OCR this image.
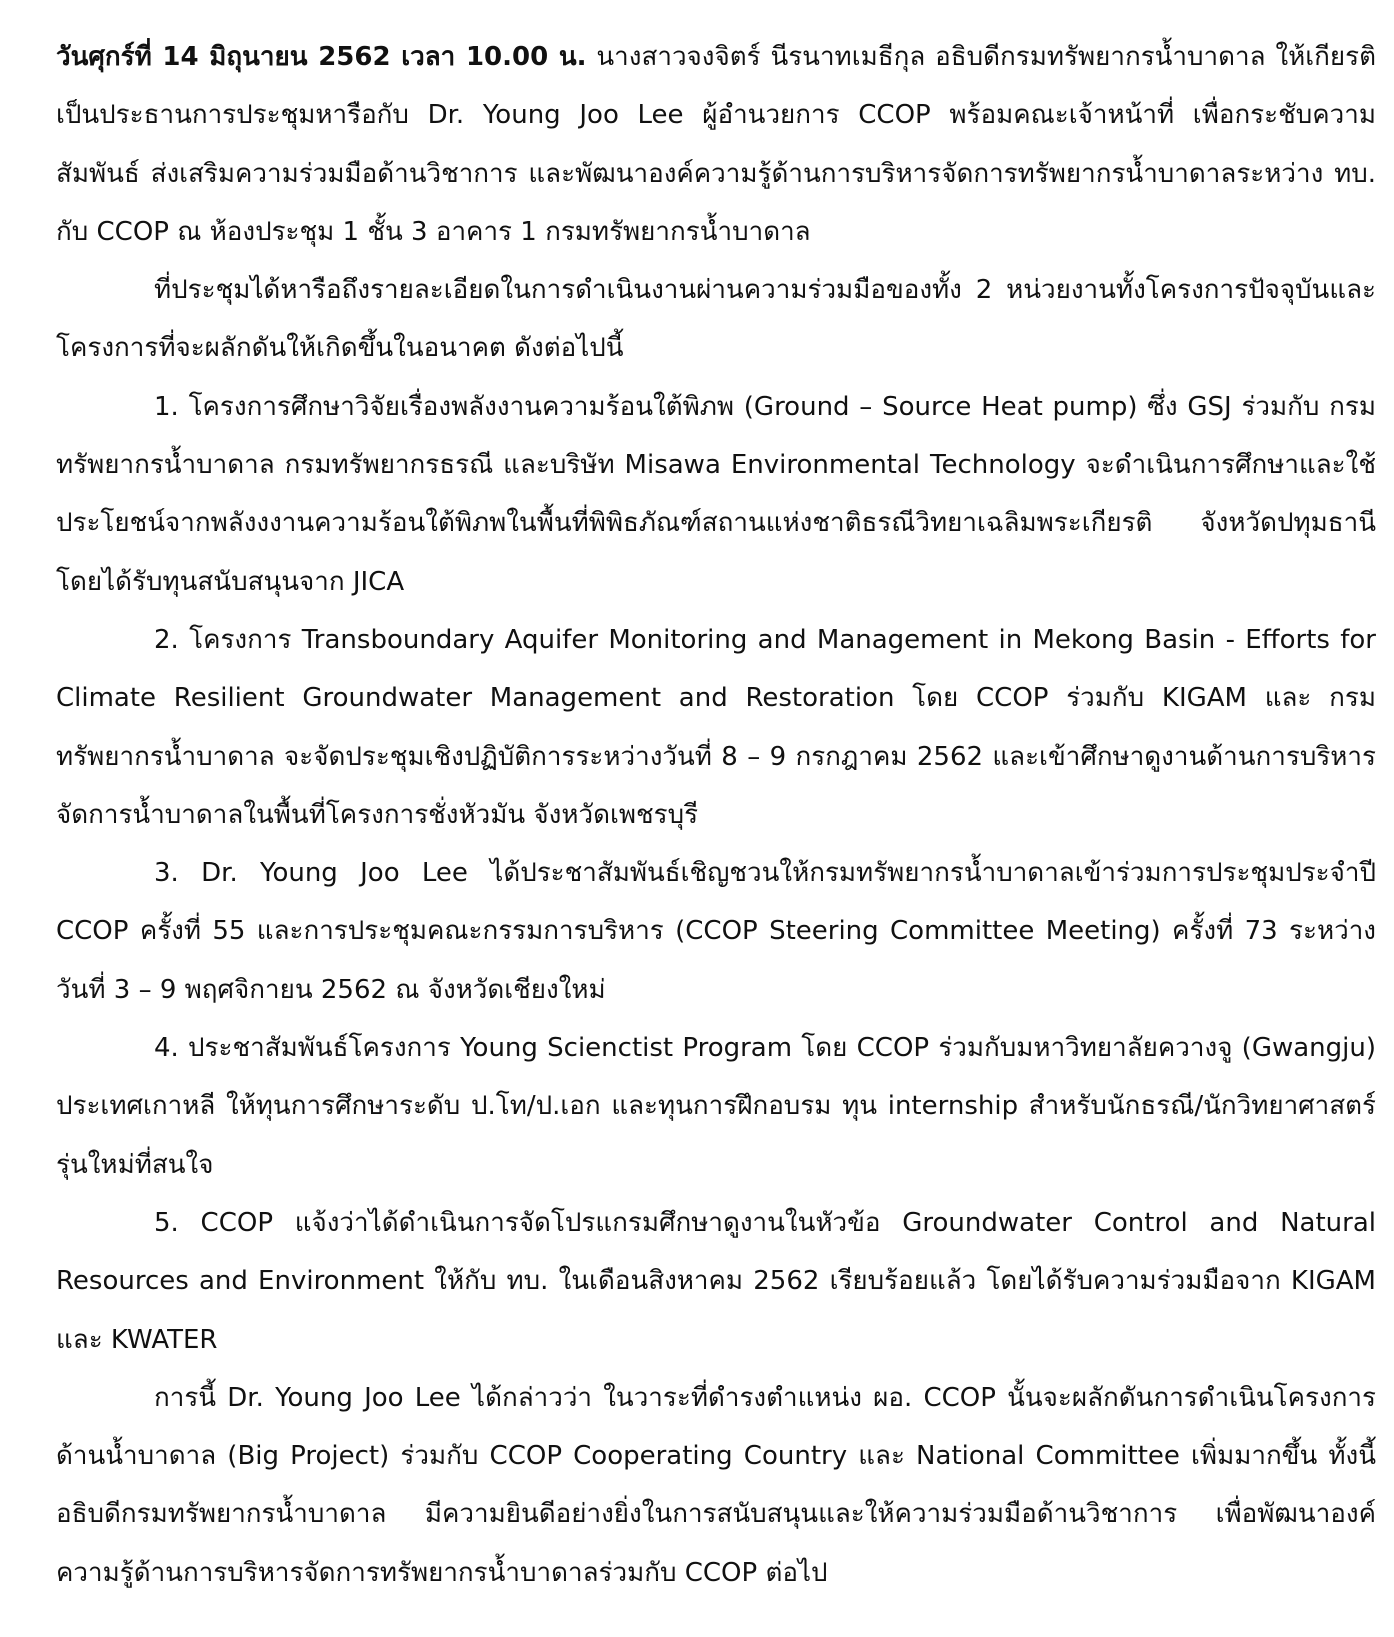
วันศุกร์ที่ 14 มิถุนายน 2562 เวลา 10.00 น. นางสาวจงจิตร์ นีรนาทเมธีกุล อธิบดีกรมทรัพยากรน้ำบาดาล ให้เกียรติเป็นประธานการประชุมหารือกับ Dr. Young Joo Lee ผู้อำนวยการ CCOP พร้อมคณะเจ้าหน้าที่ เพื่อกระชับความสัมพันธ์ ส่งเสริมความร่วมมือด้านวิชาการ และพัฒนาองค์ความรู้ด้านการบริหารจัดการทรัพยากรน้ำบาดาลระหว่าง ทบ. กับ CCOP ณ ห้องประชุม 1 ชั้น 3 อาคาร 1 กรมทรัพยากรน้ำบาดาล

ที่ประชุมได้หารือถึงรายละเอียดในการดำเนินงานผ่านความร่วมมือของทั้ง 2 หน่วยงานทั้งโครงการปัจจุบันและโครงการที่จะผลักดันให้เกิดขึ้นในอนาคต ดังต่อไปนี้

1. โครงการศึกษาวิจัยเรื่องพลังงานความร้อนใต้พิภพ (Ground – Source Heat pump) ซึ่ง GSJ ร่วมกับ กรมทรัพยากรน้ำบาดาล กรมทรัพยากรธรณี และบริษัท Misawa Environmental Technology จะดำเนินการศึกษาและใช้ประโยชน์จากพลังงงานความร้อนใต้พิภพในพื้นที่พิพิธภัณฑ์สถานแห่งชาติธรณีวิทยาเฉลิมพระเกียรติ จังหวัดปทุมธานี โดยได้รับทุนสนับสนุนจาก JICA

2. โครงการ Transboundary Aquifer Monitoring and Management in Mekong Basin - Efforts for Climate Resilient Groundwater Management and Restoration โดย CCOP ร่วมกับ KIGAM และ กรมทรัพยากรน้ำบาดาล จะจัดประชุมเชิงปฏิบัติการระหว่างวันที่ 8 – 9 กรกฎาคม 2562 และเข้าศึกษาดูงานด้านการบริหารจัดการน้ำบาดาลในพื้นที่โครงการชั่งหัวมัน จังหวัดเพชรบุรี

3. Dr. Young Joo Lee ได้ประชาสัมพันธ์เชิญชวนให้กรมทรัพยากรน้ำบาดาลเข้าร่วมการประชุมประจำปี CCOP ครั้งที่ 55 และการประชุมคณะกรรมการบริหาร (CCOP Steering Committee Meeting) ครั้งที่ 73 ระหว่างวันที่ 3 – 9 พฤศจิกายน 2562 ณ จังหวัดเชียงใหม่

4. ประชาสัมพันธ์โครงการ Young Scienctist Program โดย CCOP ร่วมกับมหาวิทยาลัยควางจู (Gwangju) ประเทศเกาหลี ให้ทุนการศึกษาระดับ ป.โท/ป.เอก และทุนการฝึกอบรม ทุน internship สำหรับนักธรณี/นักวิทยาศาสตร์รุ่นใหม่ที่สนใจ

5. CCOP แจ้งว่าได้ดำเนินการจัดโปรแกรมศึกษาดูงานในหัวข้อ Groundwater Control and Natural Resources and Environment ให้กับ ทบ. ในเดือนสิงหาคม 2562 เรียบร้อยแล้ว โดยได้รับความร่วมมือจาก KIGAM และ KWATER

การนี้ Dr. Young Joo Lee ได้กล่าวว่า ในวาระที่ดำรงตำแหน่ง ผอ. CCOP นั้นจะผลักดันการดำเนินโครงการด้านน้ำบาดาล (Big Project) ร่วมกับ CCOP Cooperating Country และ National Committee เพิ่มมากขึ้น ทั้งนี้ อธิบดีกรมทรัพยากรน้ำบาดาล มีความยินดีอย่างยิ่งในการสนับสนุนและให้ความร่วมมือด้านวิชาการ เพื่อพัฒนาองค์ความรู้ด้านการบริหารจัดการทรัพยากรน้ำบาดาลร่วมกับ CCOP ต่อไป
